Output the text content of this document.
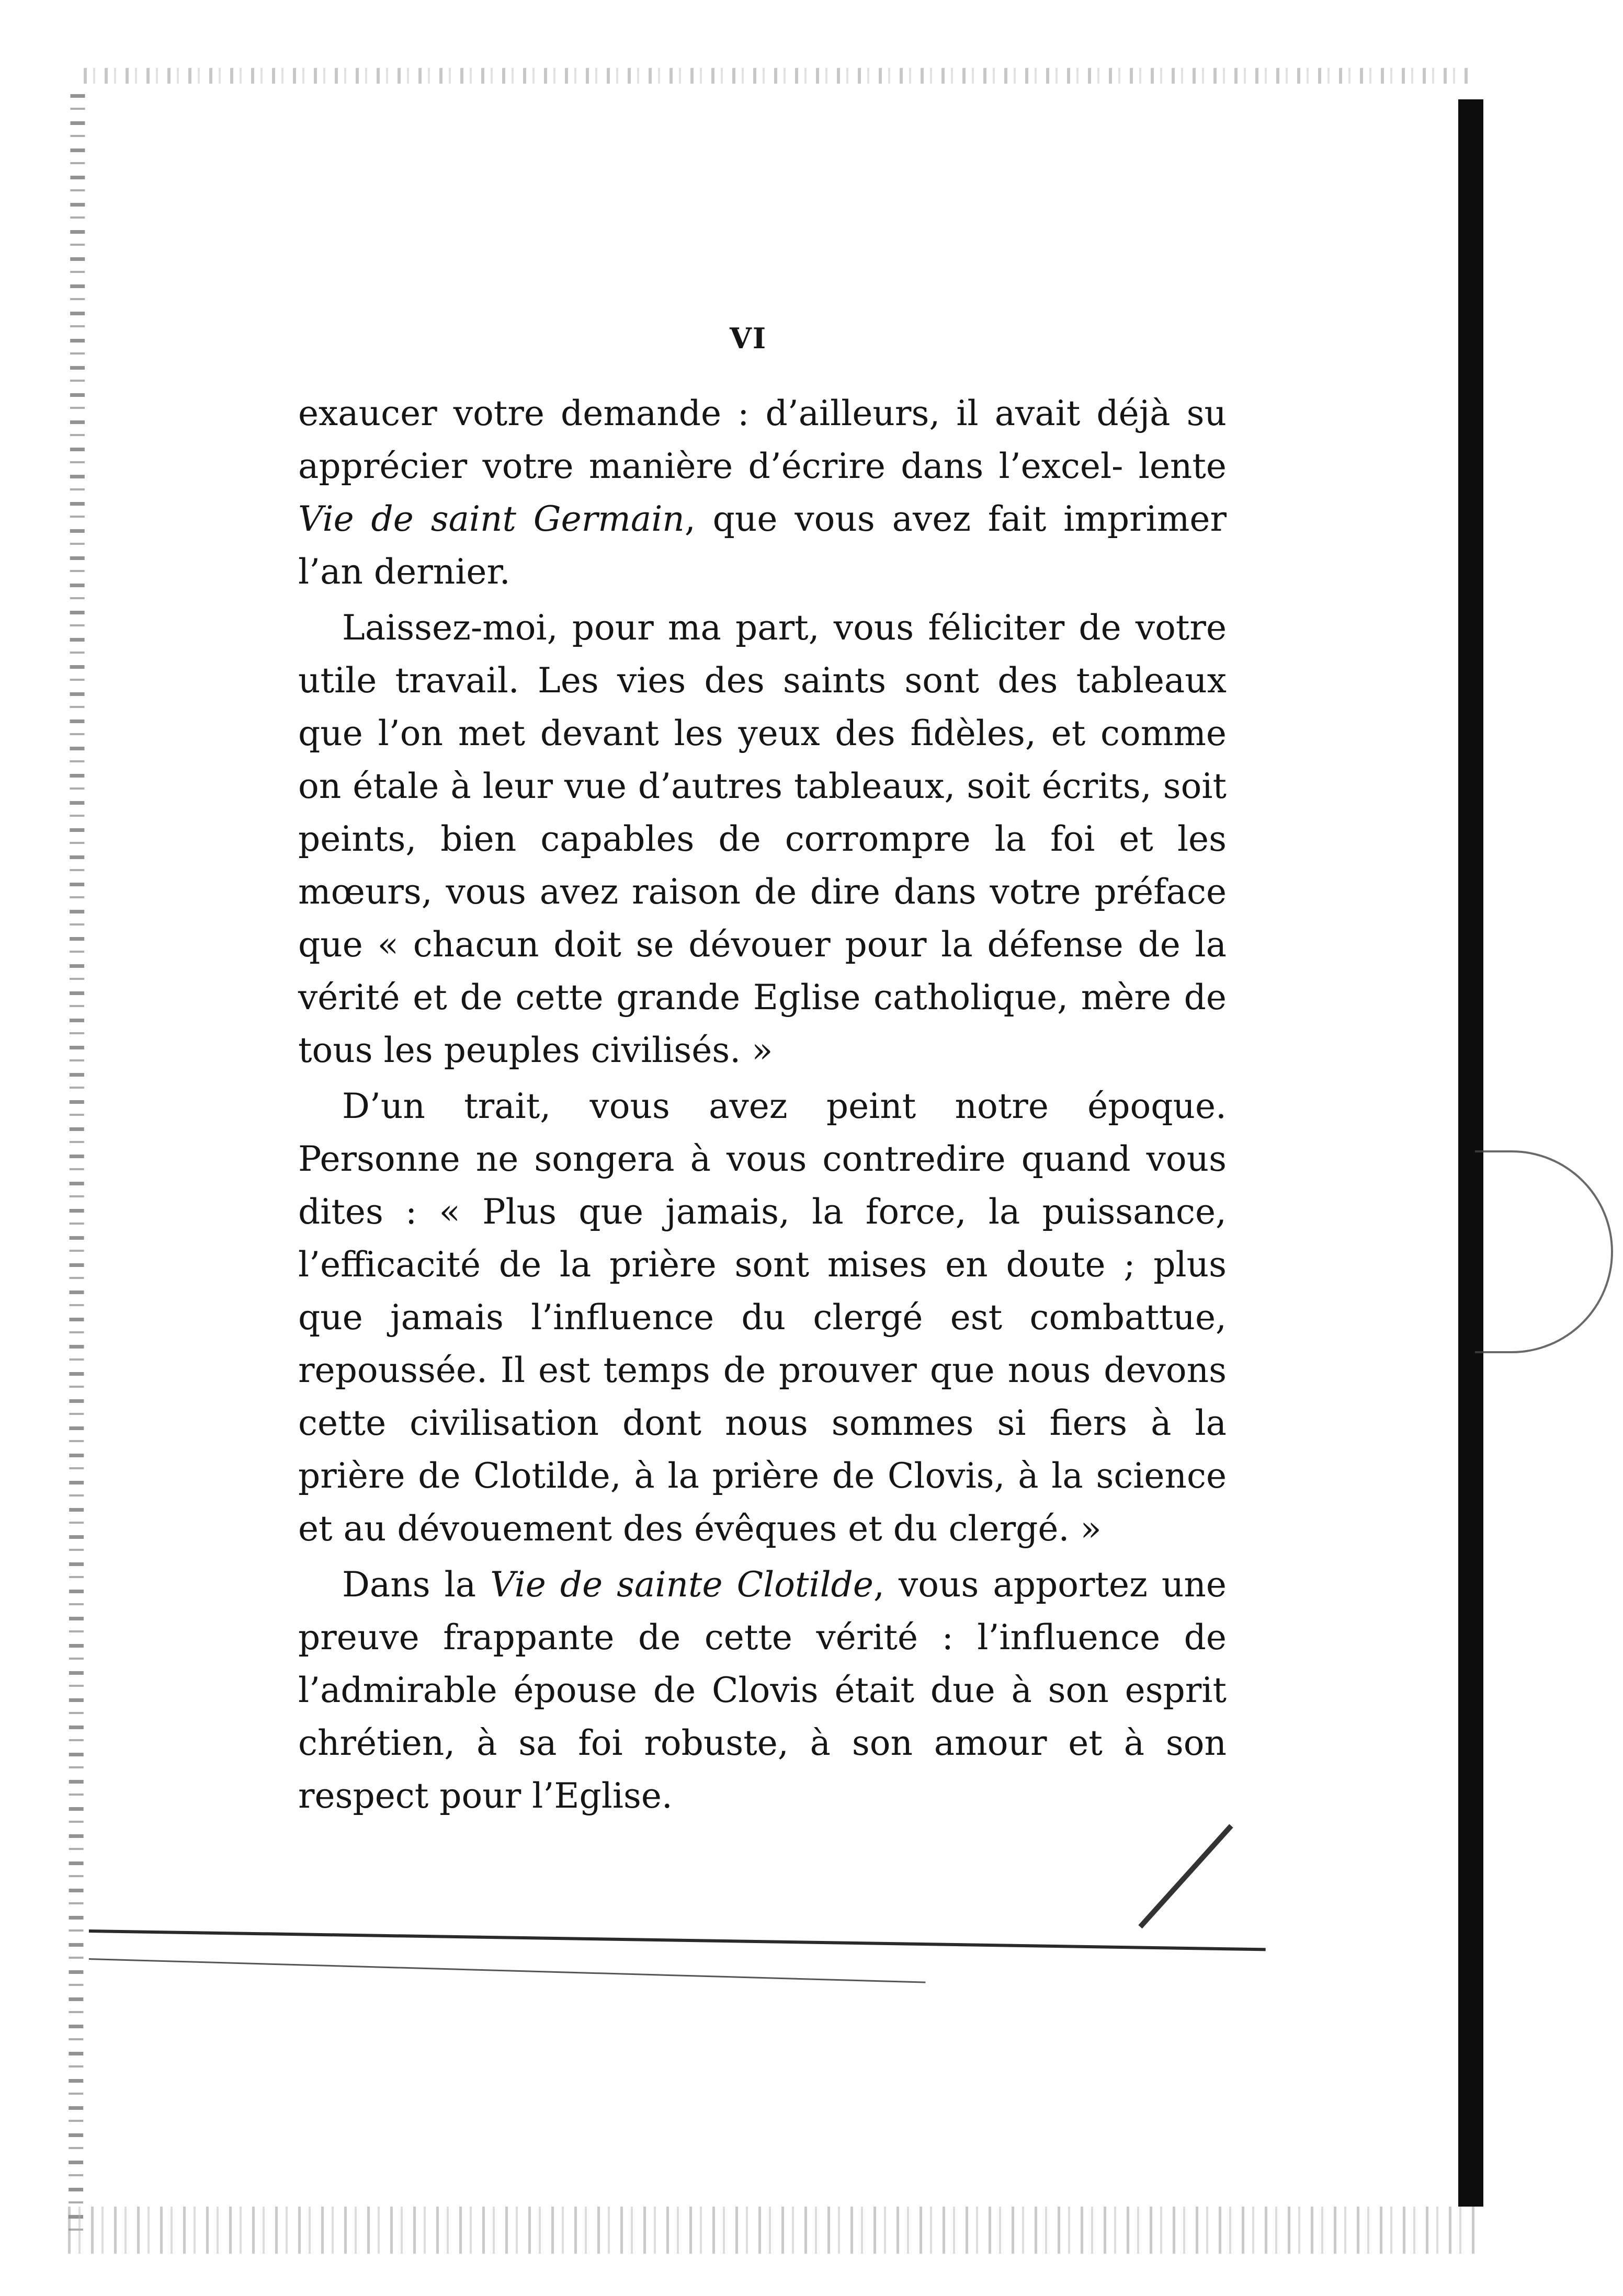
VI

exaucer votre demande : d’ailleurs, il avait déjà su apprécier votre manière d’écrire dans l’excel- lente Vie de saint Germain, que vous avez fait imprimer l’an dernier.

Laissez-moi, pour ma part, vous féliciter de votre utile travail. Les vies des saints sont des tableaux que l’on met devant les yeux des fidèles, et comme on étale à leur vue d’autres tableaux, soit écrits, soit peints, bien capables de corrompre la foi et les mœurs, vous avez raison de dire dans votre préface que « chacun doit se dévouer pour la défense de la vérité et de cette grande Eglise catholique, mère de tous les peuples civilisés. »

D’un trait, vous avez peint notre époque. Personne ne songera à vous contredire quand vous dites : « Plus que jamais, la force, la puissance, l’efficacité de la prière sont mises en doute ; plus que jamais l’influence du clergé est combattue, repoussée. Il est temps de prouver que nous devons cette civilisation dont nous sommes si fiers à la prière de Clotilde, à la prière de Clovis, à la science et au dévouement des évêques et du clergé. »

Dans la Vie de sainte Clotilde, vous apportez une preuve frappante de cette vérité : l’influence de l’admirable épouse de Clovis était due à son esprit chrétien, à sa foi robuste, à son amour et à son respect pour l’Eglise.
